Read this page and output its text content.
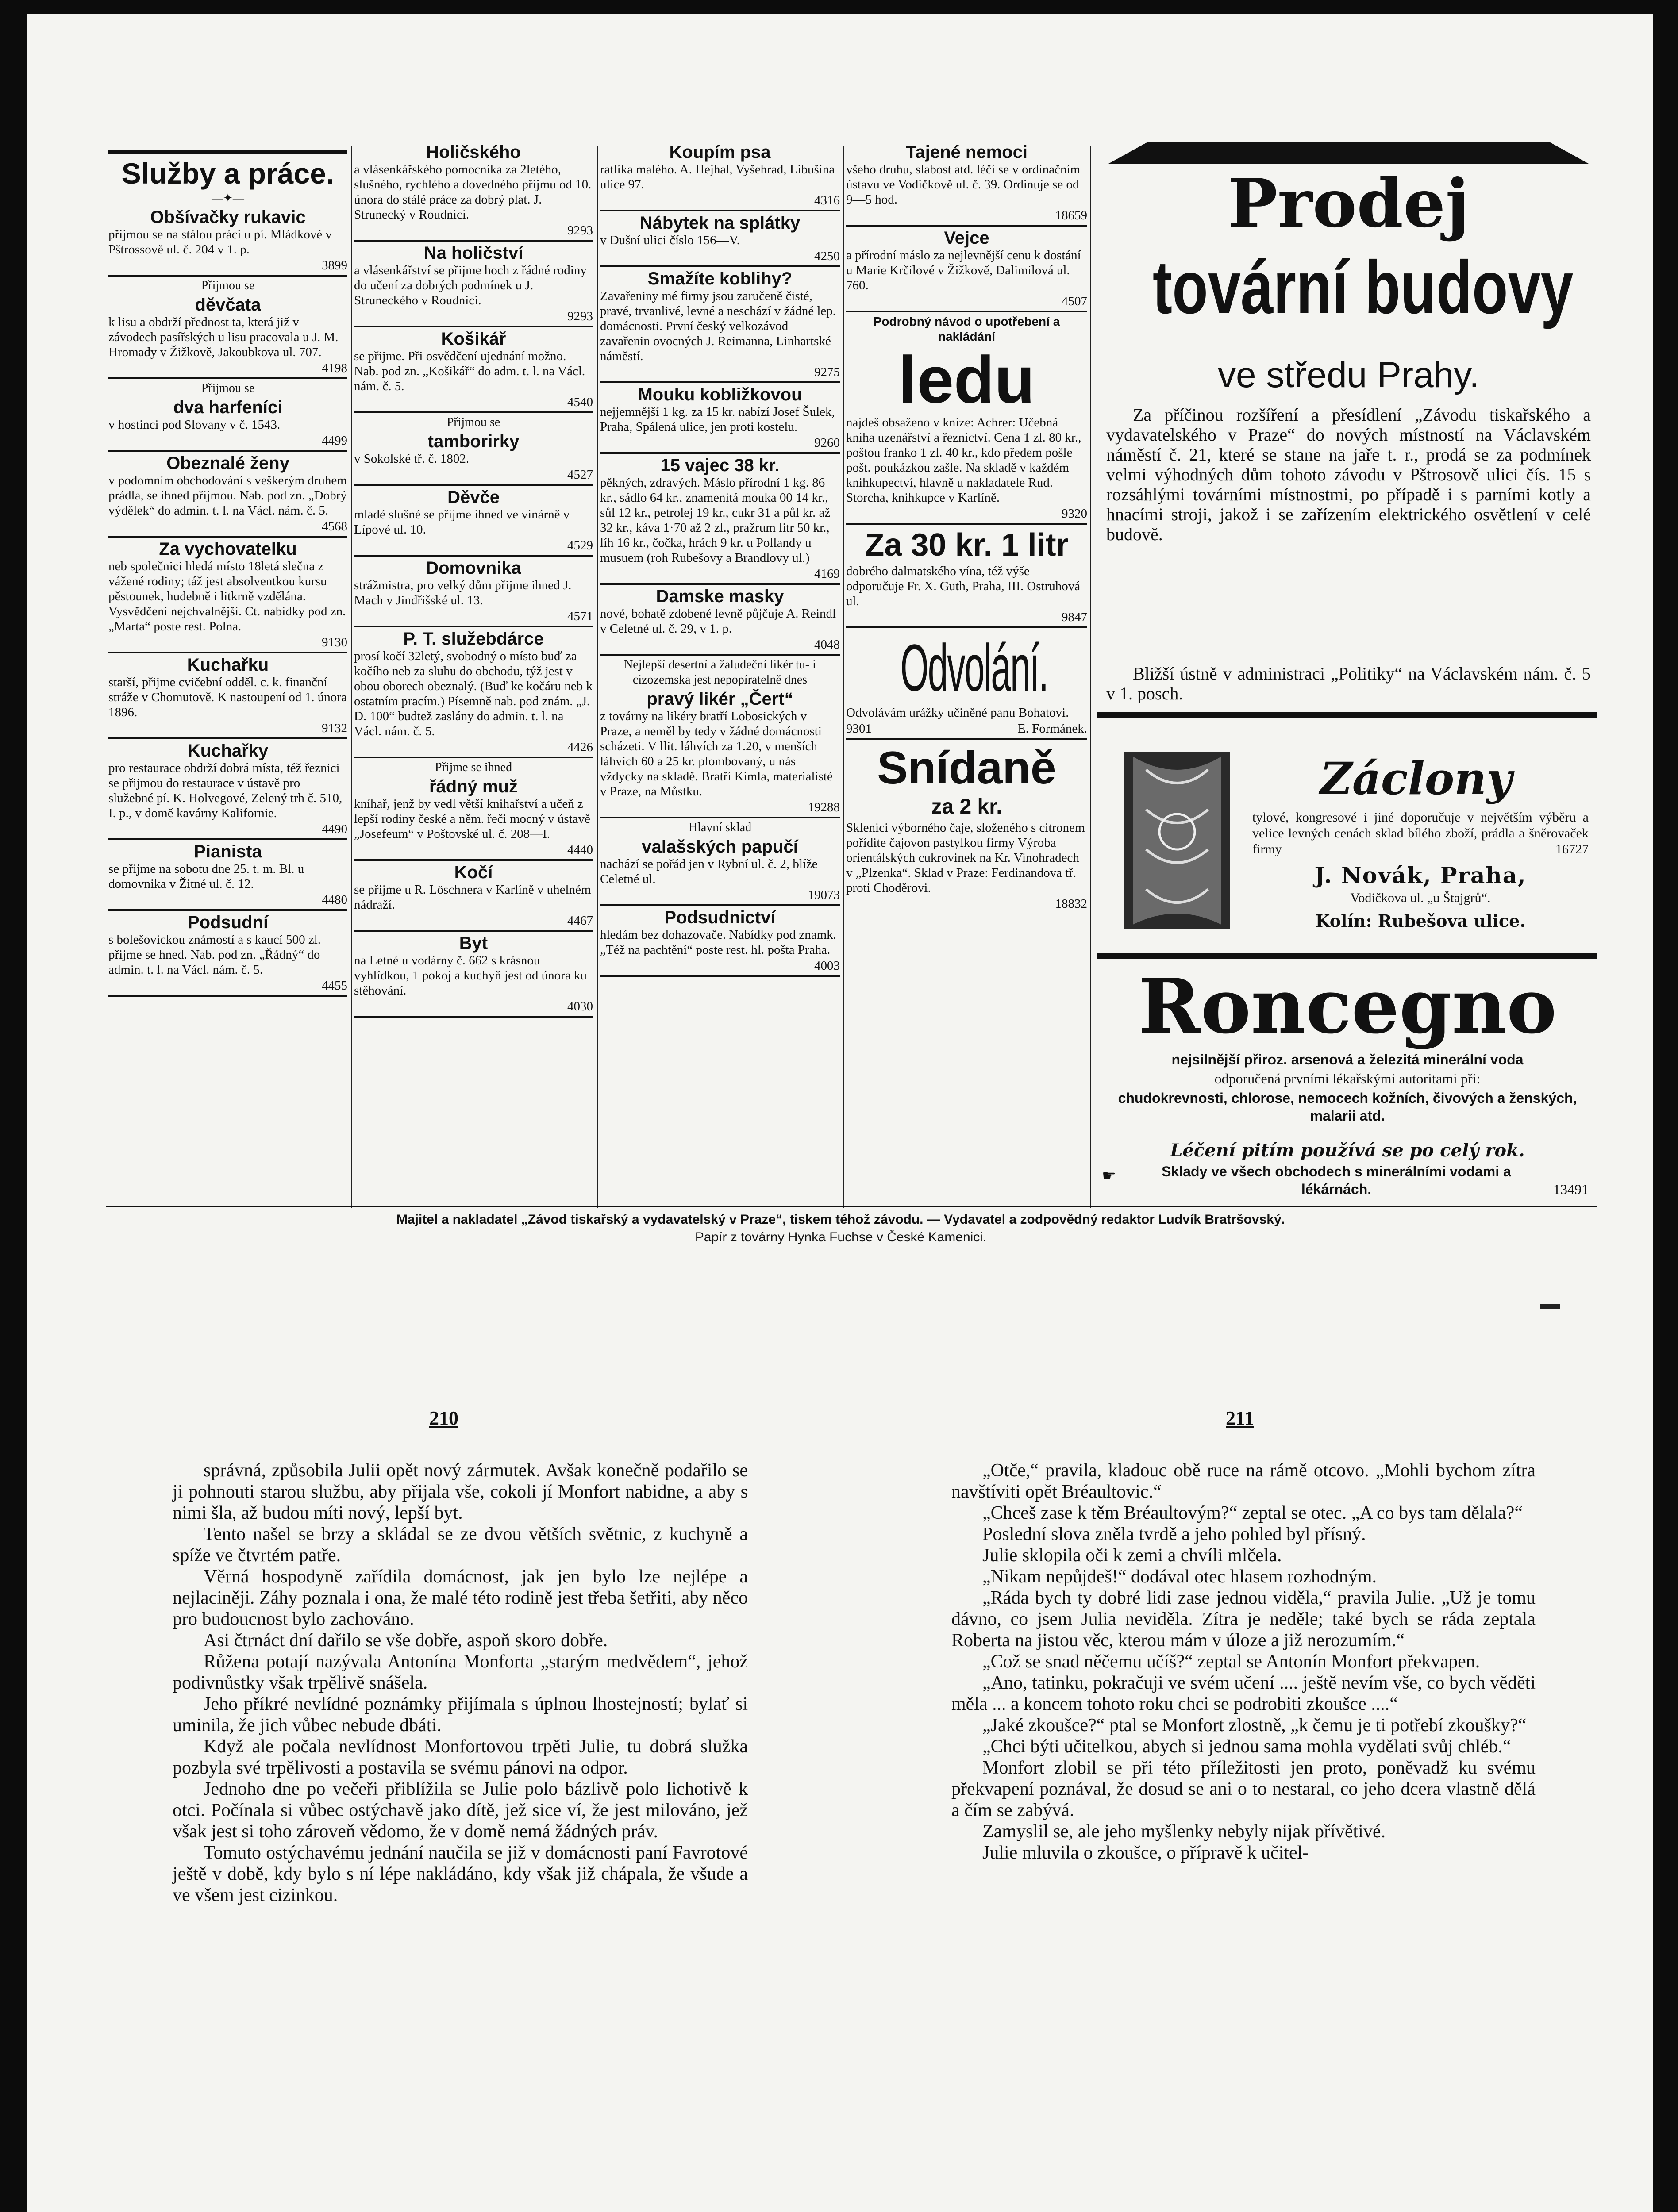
Služby a práce.
—✦—

Obšívačky rukavic

přijmou se na stálou práci u pí. Mládkové v Pštrossově ul. č. 204 v 1. p.

3899

Přijmou se

děvčata

k lisu a obdrží přednost ta, která již v závodech pasířských u lisu pracovala u J. M. Hromady v Žižkově, Jakoubkova ul. 707.

4198

Přijmou se

dva harfeníci

v hostinci pod Slovany v č. 1543.

4499

Obeznalé ženy

v podomním obchodování s veškerým druhem prádla, se ihned přijmou. Nab. pod zn. „Dobrý výdělek“ do admin. t. l. na Václ. nám. č. 5.

4568

Za vychovatelku

neb společnici hledá místo 18letá slečna z vážené rodiny; táž jest absolventkou kursu pěstounek, hudebně i litkrně vzdělána. Vysvědčení nejchvalnější. Ct. nabídky pod zn. „Marta“ poste rest. Polna.

9130

Kuchařku

starší, přijme cvičební odděl. c. k. finanční stráže v Chomutově. K nastoupení od 1. února 1896.

9132

Kuchařky

pro restaurace obdrží dobrá místa, též řeznici se přijmou do restaurace v ústavě pro služebné pí. K. Holvegové, Zelený trh č. 510, I. p., v domě kavárny Kalifornie.

4490

Pianista

se přijme na sobotu dne 25. t. m. Bl. u domovnika v Žitné ul. č. 12.

4480

Podsudní

s bolešovickou známostí a s kaucí 500 zl. přijme se hned. Nab. pod zn. „Řádný“ do admin. t. l. na Václ. nám. č. 5.

4455

Holičského

a vlásenkářského pomocníka za 2letého, slušného, rychlého a dovedného přijmu od 10. února do stálé práce za dobrý plat. J. Strunecký v Roudnici.

9293

Na holičství

a vlásenkářství se přijme hoch z řádné rodiny do učení za dobrých podmínek u J. Struneckého v Roudnici.

9293

Košikář

se přijme. Při osvědčení ujednání možno. Nab. pod zn. „Košikář“ do adm. t. l. na Václ. nám. č. 5.

4540

Přijmou se

tamborirky

v Sokolské tř. č. 1802.

4527

Děvče

mladé slušné se přijme ihned ve vinárně v Lípové ul. 10.

4529

Domovnika

strážmistra, pro velký dům přijme ihned J. Mach v Jindřišské ul. 13.

4571

P. T. služebdárce

prosí kočí 32letý, svobodný o místo buď za kočího neb za sluhu do obchodu, týž jest v obou oborech obeznalý. (Buď ke kočáru neb k ostatním pracím.) Písemně nab. pod znám. „J. D. 100“ budtež zaslány do admin. t. l. na Václ. nám. č. 5.

4426

Přijme se ihned

řádný muž

kníhař, jenž by vedl větší knihařství a učeň z lepší rodiny české a něm. řeči mocný v ústavě „Josefeum“ v Poštovské ul. č. 208—I.

4440

Kočí

se přijme u R. Löschnera v Karlíně v uhelném nádraží.

4467

Byt

na Letné u vodárny č. 662 s krásnou vyhlídkou, 1 pokoj a kuchyň jest od února ku stěhování.

4030

Koupím psa

ratlíka malého. A. Hejhal, Vyšehrad, Libušina ulice 97.

4316

Nábytek na splátky

v Dušní ulici číslo 156—V.

4250

Smažíte koblihy?

Zavařeniny mé firmy jsou zaručeně čisté, pravé, trvanlivé, levné a neschází v žádné lep. domácnosti. První český velkozávod zavařenin ovocných J. Reimanna, Linhartské náměstí.

9275

Mouku kobližkovou

nejjemnější 1 kg. za 15 kr. nabízí Josef Šulek, Praha, Spálená ulice, jen proti kostelu.

9260

15 vajec 38 kr.

pěkných, zdravých. Máslo přírodní 1 kg. 86 kr., sádlo 64 kr., znamenitá mouka 00 14 kr., sůl 12 kr., petrolej 19 kr., cukr 31 a půl kr. až 32 kr., káva 1·70 až 2 zl., pražrum litr 50 kr., líh 16 kr., čočka, hrách 9 kr. u Pollandy u musuem (roh Rubešovy a Brandlovy ul.)

4169

Damske masky

nové, bohatě zdobené levně půjčuje A. Reindl v Celetné ul. č. 29, v 1. p.

4048

Nejlepší desertní a žaludeční likér tu- i cizozemska jest nepopíratelně dnes

pravý likér „Čert“

z továrny na likéry bratří Lobosických v Praze, a neměl by tedy v žádné domácnosti scházeti. V llit. láhvích za 1.20, v menších láhvích 60 a 25 kr. plombovaný, u nás vždycky na skladě. Bratří Kimla, materialisté v Praze, na Můstku.

19288

Hlavní sklad

valašských papučí

nachází se pořád jen v Rybní ul. č. 2, blíže Celetné ul.

19073

Podsudnictví

hledám bez dohazovače. Nabídky pod znamk. „Též na pachtění“ poste rest. hl. pošta Praha.

4003

Tajené nemoci

všeho druhu, slabost atd. léčí se v ordinačním ústavu ve Vodičkově ul. č. 39. Ordinuje se od 9—5 hod.

18659

Vejce

a přírodní máslo za nejlevnější cenu k dostání u Marie Krčilové v Žižkově, Dalimilová ul. 760.

4507

Podrobný návod o upotřebení a nakládání

ledu

najdeš obsaženo v knize: Achrer: Učebná kniha uzenářství a řeznictví. Cena 1 zl. 80 kr., poštou franko 1 zl. 40 kr., kdo předem pošle pošt. poukázkou zašle. Na skladě v každém knihkupectví, hlavně u nakladatele Rud. Storcha, knihkupce v Karlíně.

9320

Za 30 kr. 1 litr

dobrého dalmatského vína, též výše odporučuje Fr. X. Guth, Praha, III. Ostruhová ul.

9847

Odvolání.

Odvolávám urážky učiněné panu Bohatovi.

9301	E. Formánek.

Snídaně

za 2 kr.

Sklenici výborného čaje, složeného s citronem pořídite čajovon pastylkou firmy Výroba orientálských cukrovinek na Kr. Vinohradech v „Plzenka“. Sklad v Praze: Ferdinandova tř. proti Choděrovi.

18832

Prodej
tovární budovy
ve středu Prahy.
Za příčinou rozšíření a přesídlení „Závodu tiskařského a vydavatelského v Praze“ do nových místností na Václavském náměstí č. 21, které se stane na jaře t. r., prodá se za podmínek velmi výhodných dům tohoto závodu v Pštrosově ulici čís. 15 s rozsáhlými továrními místnostmi, po případě i s parními kotly a hnacími stroji, jakož i se zařízením elektrického osvětlení v celé budově.
Bližší ústně v administraci „Politiky“ na Václavském nám. č. 5 v 1. posch.
Záclony
tylové, kongresové i jiné doporučuje v největším výběru a velice levných cenách sklad bílého zboží, prádla a šněrovaček firmy	16727
J. Novák, Praha,
Vodičkova ul. „u Štajgrů“.
Kolín: Rubešova ulice.
Roncegno
nejsilnější přiroz. arsenová a železitá minerální voda
odporučená prvními lékařskými autoritami při:
chudokrevnosti, chlorose, nemocech kožních, čivových a ženských, malarii atd.
Léčení pitím používá se po celý rok.
Sklady ve všech obchodech s minerálními vodami a lékárnách.	13491
☛
Majitel a nakladatel „Závod tiskařský a vydavatelský v Praze“, tiskem téhož závodu. — Vydavatel a zodpovědný redaktor Ludvík Bratršovský.
Papír z továrny Hynka Fuchse v České Kamenici.
210	211

správná, způsobila Julii opět nový zármutek. Avšak konečně podařilo se ji pohnouti starou službu, aby přijala vše, cokoli jí Monfort nabidne, a aby s nimi šla, až budou míti nový, lepší byt.

Tento našel se brzy a skládal se ze dvou větších světnic, z kuchyně a spíže ve čtvrtém patře.

Věrná hospodyně zařídila domácnost, jak jen bylo lze nejlépe a nejlaciněji. Záhy poznala i ona, že malé této rodině jest třeba šetřiti, aby něco pro budoucnost bylo zachováno.

Asi čtrnáct dní dařilo se vše dobře, aspoň skoro dobře.

Růžena potají nazývala Antonína Monforta „starým medvědem“, jehož podivnůstky však trpělivě snášela.

Jeho příkré nevlídné poznámky přijímala s úplnou lhostejností; bylať si uminila, že jich vůbec nebude dbáti.

Když ale počala nevlídnost Monfortovou trpěti Julie, tu dobrá služka pozbyla své trpělivosti a postavila se svému pánovi na odpor.

Jednoho dne po večeři přiblížila se Julie polo bázlivě polo lichotivě k otci. Počínala si vůbec ostýchavě jako dítě, jež sice ví, že jest milováno, jež však jest si toho zároveň vědomo, že v domě nemá žádných práv.

Tomuto ostýchavému jednání naučila se již v domácnosti paní Favrotové ještě v době, kdy bylo s ní lépe nakládáno, kdy však již chápala, že všude a ve všem jest cizinkou.

„Otče,“ pravila, kladouc obě ruce na rámě otcovo. „Mohli bychom zítra navštíviti opět Bréaultovic.“

„Chceš zase k těm Bréaultovým?“ zeptal se otec. „A co bys tam dělala?“

Poslední slova zněla tvrdě a jeho pohled byl přísný.

Julie sklopila oči k zemi a chvíli mlčela.

„Nikam nepůjdeš!“ dodával otec hlasem rozhodným.

„Ráda bych ty dobré lidi zase jednou viděla,“ pravila Julie. „Už je tomu dávno, co jsem Julia neviděla. Zítra je neděle; také bych se ráda zeptala Roberta na jistou věc, kterou mám v úloze a již nerozumím.“

„Což se snad něčemu učíš?“ zeptal se Antonín Monfort překvapen.

„Ano, tatinku, pokračuji ve svém učení .... ještě nevím vše, co bych věděti měla ... a koncem tohoto roku chci se podrobiti zkoušce ....“

„Jaké zkoušce?“ ptal se Monfort zlostně, „k čemu je ti potřebí zkoušky?“

„Chci býti učitelkou, abych si jednou sama mohla vydělati svůj chléb.“

Monfort zlobil se při této příležitosti jen proto, poněvadž ku svému překvapení poznával, že dosud se ani o to nestaral, co jeho dcera vlastně dělá a čím se zabývá.

Zamyslil se, ale jeho myšlenky nebyly nijak přívětivé.

Julie mluvila o zkoušce, o přípravě k učitel-
